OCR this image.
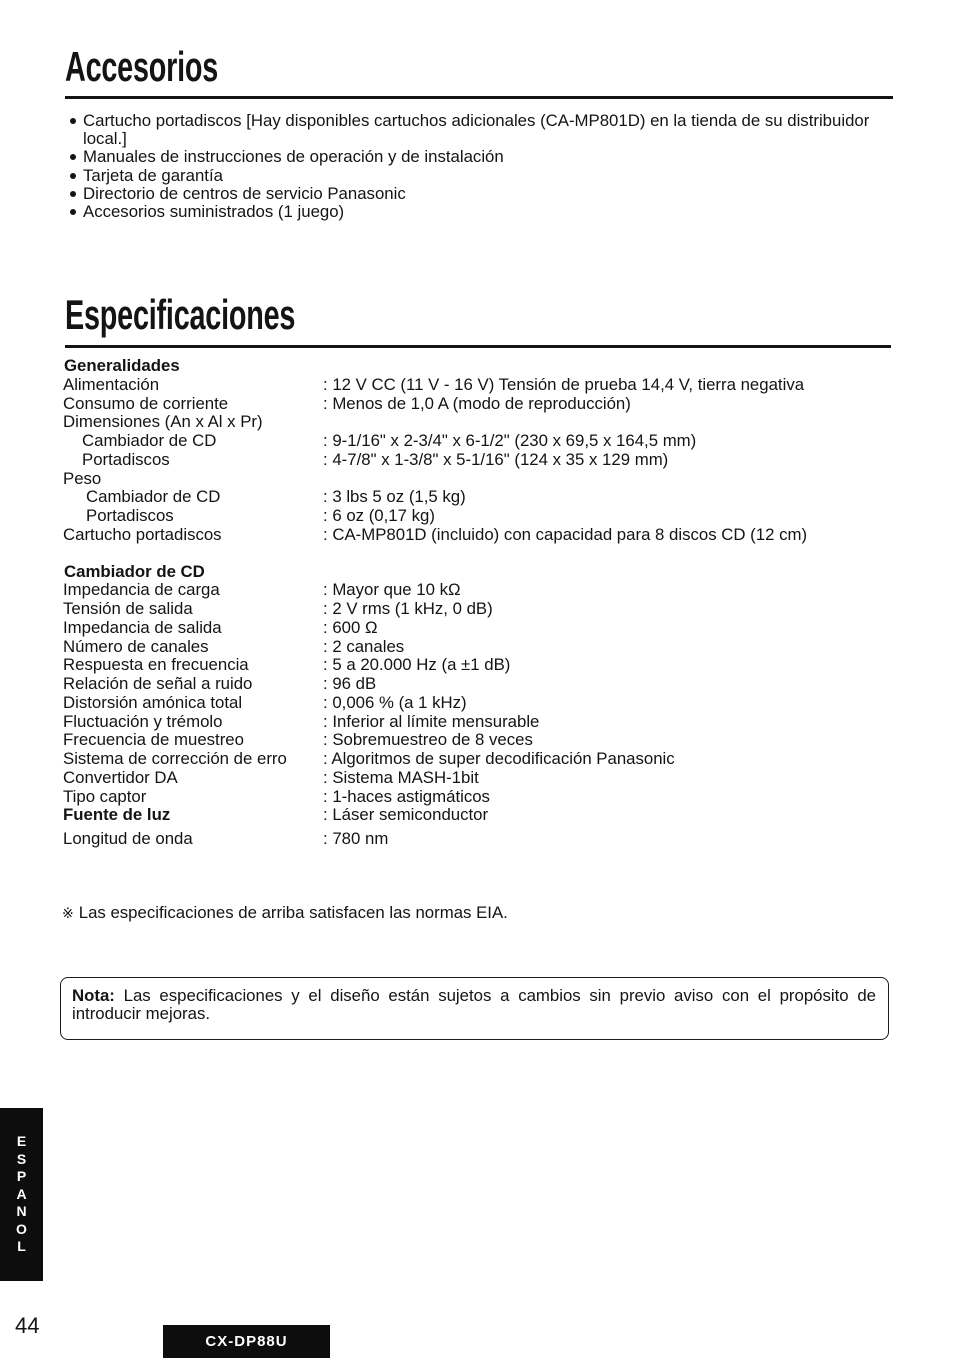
Accesorios
Cartucho portadiscos [Hay disponibles cartuchos adicionales (CA-MP801D) en la tienda de su distribuidor local.]
Manuales de instrucciones de operación y de instalación
Tarjeta de garantía
Directorio de centros de servicio Panasonic
Accesorios suministrados (1 juego)
Especificaciones
Generalidades
Alimentación	: 12 V CC (11 V - 16 V) Tensión de prueba 14,4 V, tierra negativa
Consumo de corriente	: Menos de 1,0 A (modo de reproducción)
Dimensiones (An x Al x Pr)
Cambiador de CD	: 9-1/16" x 2-3/4" x 6-1/2" (230 x 69,5 x 164,5 mm)
Portadiscos	: 4-7/8" x 1-3/8" x 5-1/16" (124 x 35 x 129 mm)
Peso
Cambiador de CD	: 3 lbs 5 oz (1,5 kg)
Portadiscos	: 6 oz (0,17 kg)
Cartucho portadiscos	: CA-MP801D (incluido) con capacidad para 8 discos CD (12 cm)
Cambiador de CD
Impedancia de carga	: Mayor que 10 kΩ
Tensión de salida	: 2 V rms (1 kHz, 0 dB)
Impedancia de salida	: 600 Ω
Número de canales	: 2 canales
Respuesta en frecuencia	: 5 a 20.000 Hz (a ±1 dB)
Relación de señal a ruido	: 96 dB
Distorsión amónica total	: 0,006 % (a 1 kHz)
Fluctuación y trémolo	: Inferior al límite mensurable
Frecuencia de muestreo	: Sobremuestreo de 8 veces
Sistema de corrección de erro	: Algoritmos de super decodificación Panasonic
Convertidor DA	: Sistema MASH-1bit
Tipo captor	: 1-haces astigmáticos
Fuente de luz	: Láser semiconductor
Longitud de onda	: 780 nm
※ Las especificaciones de arriba satisfacen las normas EIA.
Nota: Las especificaciones y el diseño están sujetos a cambios sin previo aviso con el propósito de introducir mejoras.
E
S
P
A
N
O
L
44
CX-DP88U
